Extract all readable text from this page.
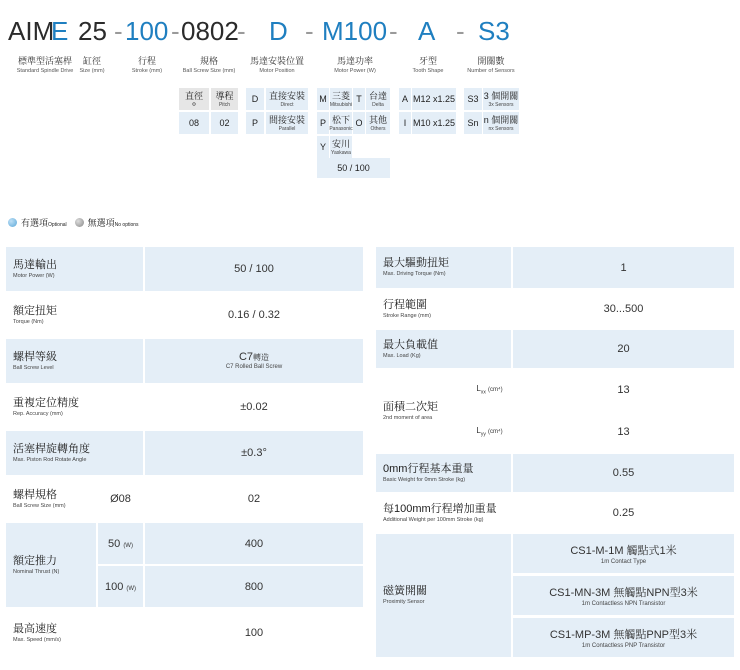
AIM
E 25 - 100 - 0802
- D - M100 - A - S3
標準型活塞桿
Standard Spindle Drive
缸徑
Size (mm)
行程
Stroke (mm)
規格
Ball Screw Size (mm)
馬達安裝位置
Motor Position
馬達功率
Motor Power (W)
牙型
Tooth Shape
開關數
Number of Sensors
直徑
Φ
導程
Pitch
08	02
D	直接安裝
Direct
P	間接安裝
Parallel
M 三菱
Mitsubishi
T 台達
Delta
P 松下
Panasonic
O 其他
Others
Y 安川
Yaskawa
50 / 100
A M12 x1.25
I M10 x1.25
S3 3 個開關
3x Sensors
Sn n 個開關
nx Sensors
有選項Optional 無選項No options
馬達輸出
Motor Power (W)
50 / 100
額定扭矩
Torque (Nm)
0.16 / 0.32
螺桿等級
Ball Screw Level
C7轉造
C7 Rolled Ball Screw
重複定位精度
Rep. Accuracy (mm)
±0.02
活塞桿旋轉角度
Max. Piston Rod Rotate Angle
±0.3°
螺桿規格
Ball Screw Size (mm)
Ø08	02
額定推力
Nominal Thrust (N)
50 (W)	400
100 (W)	800
最高速度
Max. Speed (mm/s)
100
最大驅動扭矩
Max. Driving Torque (Nm)
1
行程範圍
Stroke Range (mm)
30...500
最大負載值
Max. Load (Kg)
20
面積二次矩
2nd moment of area
$L_{xx}$ (cm⁴)	13
$L_{yy}$ (cm⁴)	13
0mm行程基本重量
Basic Weight for 0mm Stroke (kg)
0.55
每100mm行程增加重量
Additional Weight per 100mm Stroke (kg)
0.25
磁簧開關
Proximity Sensor
CS1-M-1M 觸點式1米
1m Contact Type
CS1-MN-3M 無觸點NPN型3米
1m Contactless NPN Transistor
CS1-MP-3M 無觸點PNP型3米
1m Contactless PNP Transistor
